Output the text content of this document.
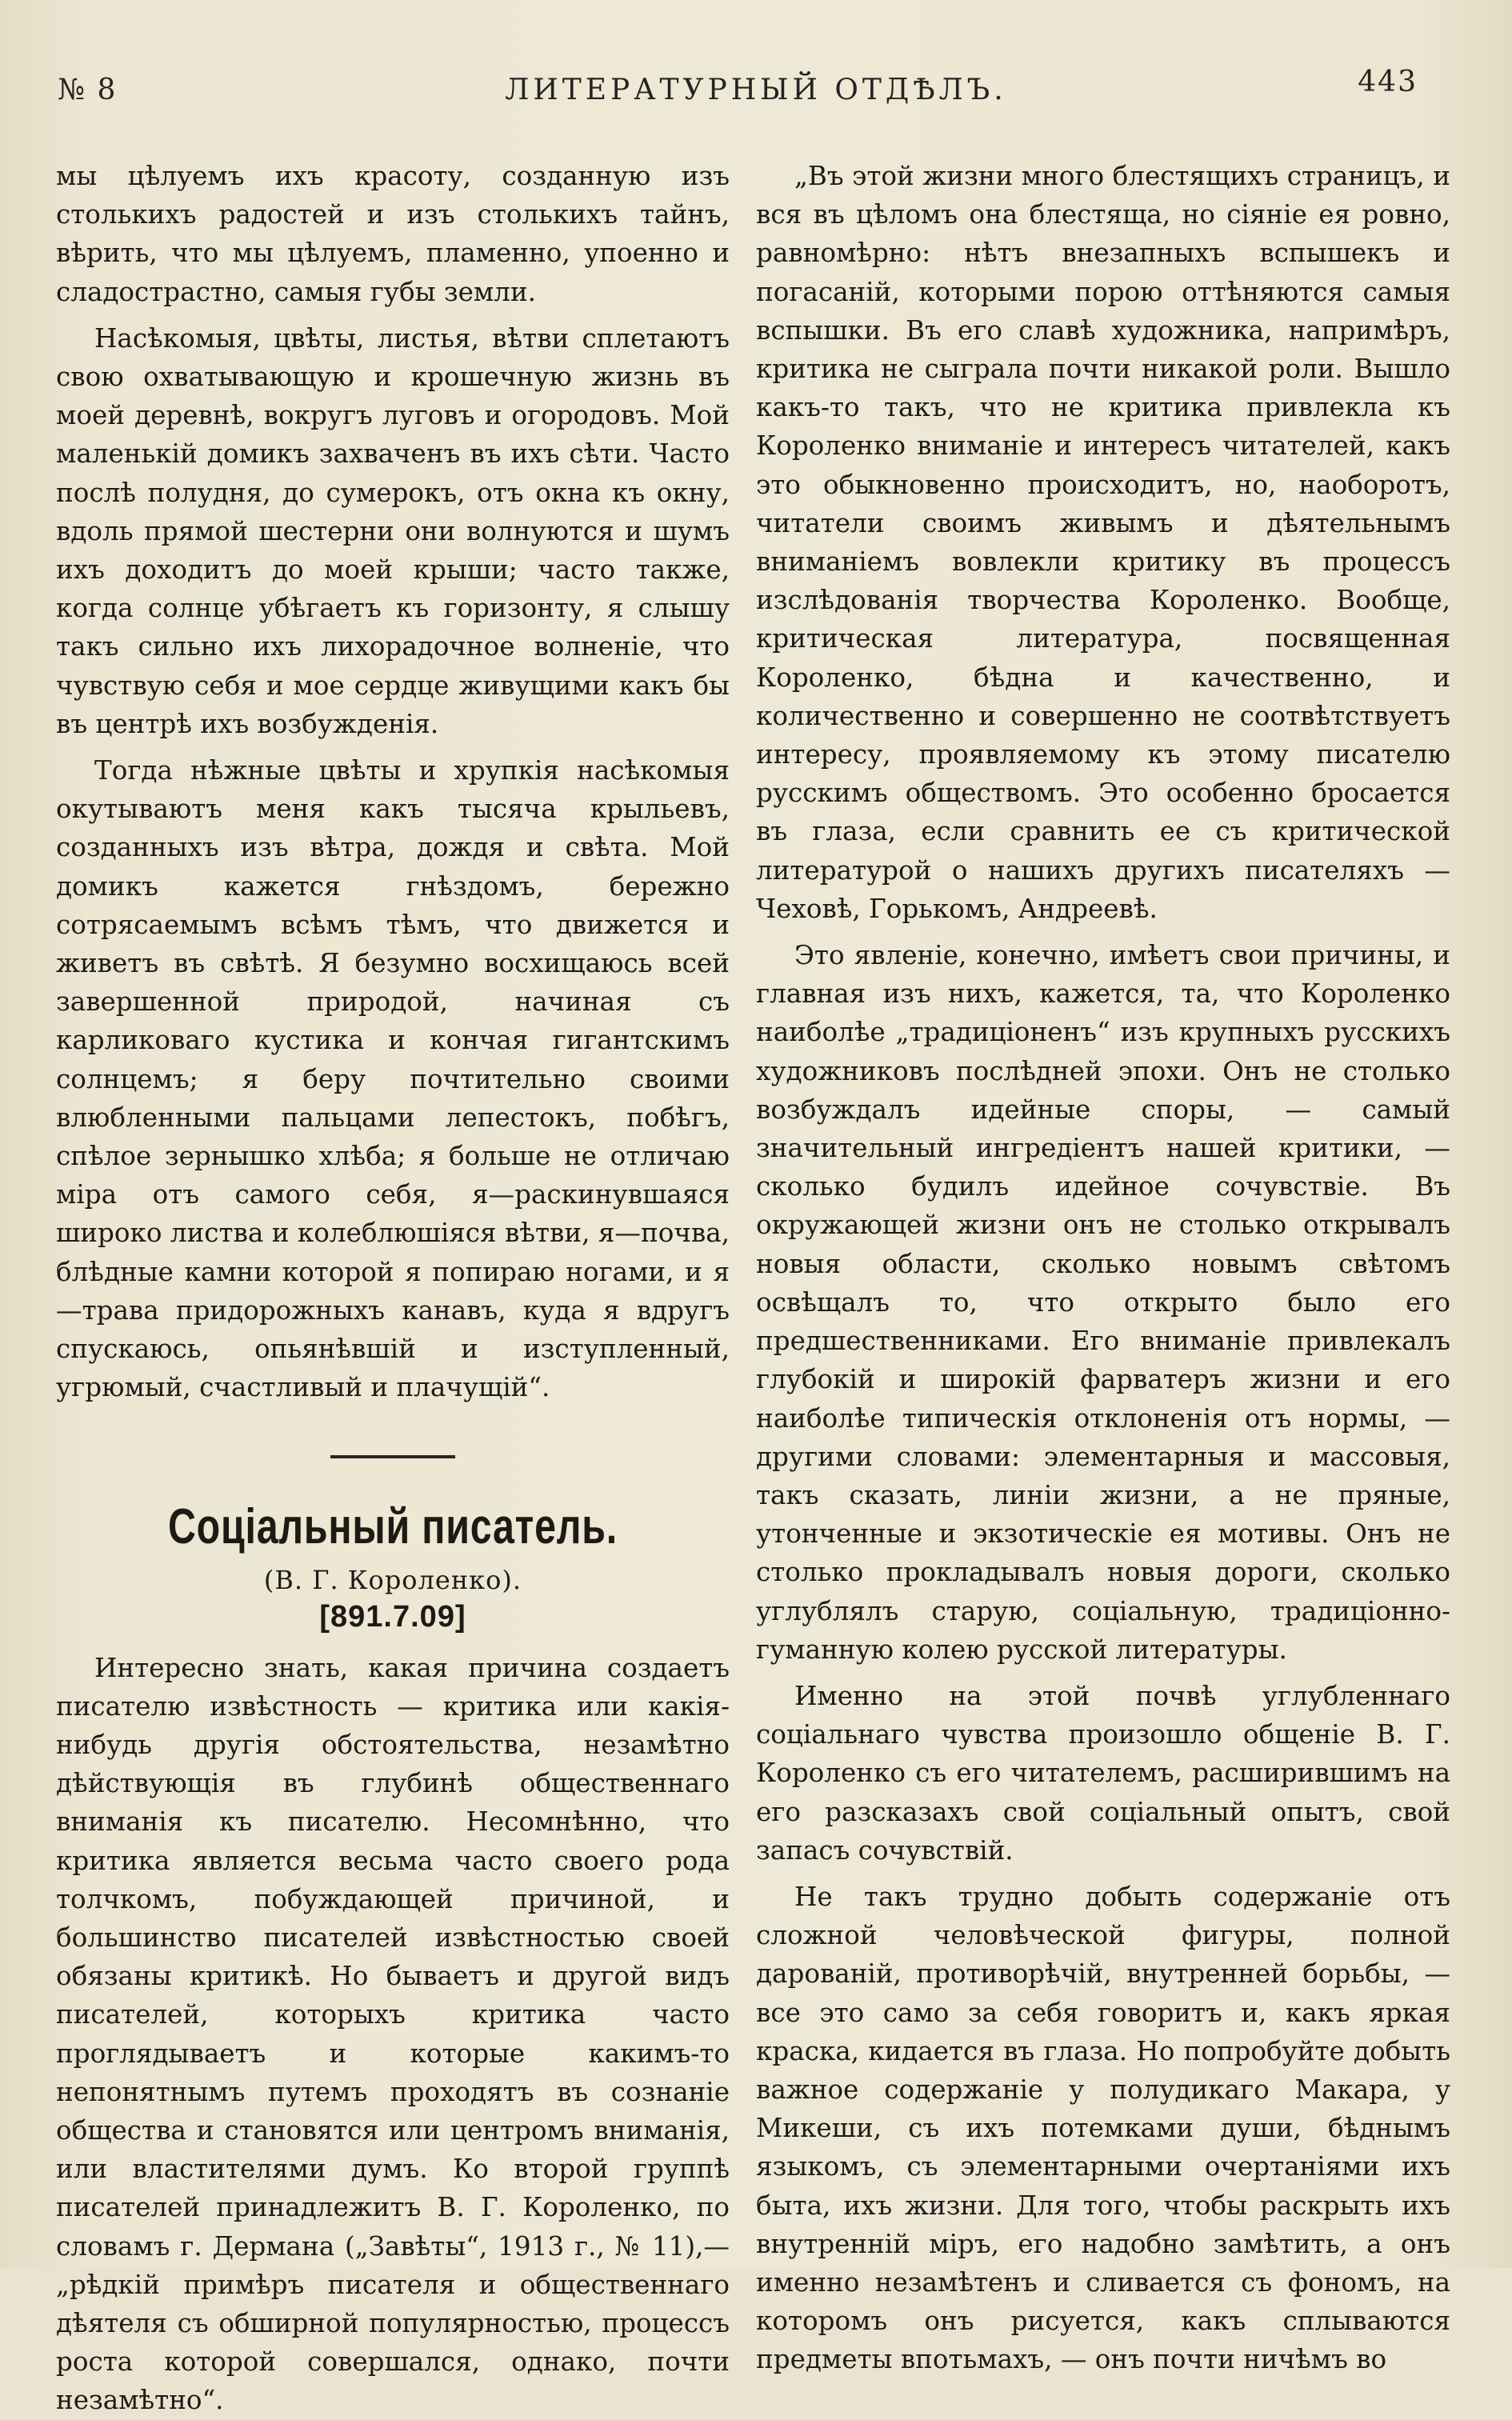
№ 8	ЛИТЕРАТУРНЫЙ ОТДѢЛЪ.	443

мы цѣлуемъ ихъ красоту, созданную изъ столькихъ радостей и изъ столькихъ тайнъ, вѣрить, что мы цѣлуемъ, пламенно, упоенно и сладострастно, самыя губы земли.

Насѣкомыя, цвѣты, листья, вѣтви сплетаютъ свою охватывающую и крошечную жизнь въ моей деревнѣ, вокругъ луговъ и огородовъ. Мой маленькій домикъ захваченъ въ ихъ сѣти. Часто послѣ полудня, до сумерокъ, отъ окна къ окну, вдоль прямой шестерни они волнуются и шумъ ихъ доходитъ до моей крыши; часто также, когда солнце убѣгаетъ къ горизонту, я слышу такъ сильно ихъ лихорадочное волненіе, что чувствую себя и мое сердце живущими какъ бы въ центрѣ ихъ возбужденія.

Тогда нѣжные цвѣты и хрупкія насѣкомыя окутываютъ меня какъ тысяча крыльевъ, созданныхъ изъ вѣтра, дождя и свѣта. Мой домикъ кажется гнѣздомъ, бережно сотрясаемымъ всѣмъ тѣмъ, что движется и живетъ въ свѣтѣ. Я безумно восхищаюсь всей завершенной природой, начиная съ карликоваго кустика и кончая гигантскимъ солнцемъ; я беру почтительно своими влюбленными пальцами лепестокъ, побѣгъ, спѣлое зернышко хлѣба; я больше не отличаю міра отъ самого себя, я—раскинувшаяся широко листва и колеблюшіяся вѣтви, я—почва, блѣдные камни которой я попираю ногами, и я—трава придорожныхъ канавъ, куда я вдругъ спускаюсь, опьянѣвшій и изступленный, угрюмый, счастливый и плачущій“.

Соціальный писатель.
(В. Г. Короленко).
[891.7.09]

Интересно знать, какая причина создаетъ писателю извѣстность — критика или какія-нибудь другія обстоятельства, незамѣтно дѣйствующія въ глубинѣ общественнаго вниманія къ писателю. Несомнѣнно, что критика является весьма часто своего рода толчкомъ, побуждающей причиной, и большинство писателей извѣстностью своей обязаны критикѣ. Но бываетъ и другой видъ писателей, которыхъ критика часто проглядываетъ и которые какимъ-то непонятнымъ путемъ проходятъ въ сознаніе общества и становятся или центромъ вниманія, или властителями думъ. Ко второй группѣ писателей принадлежитъ В. Г. Короленко, по словамъ г. Дермана („Завѣты“, 1913 г., № 11),—„рѣдкій примѣръ писателя и общественнаго дѣятеля съ обширной популярностью, процессъ роста которой совершался, однако, почти незамѣтно“.

„Въ этой жизни много блестящихъ страницъ, и вся въ цѣломъ она блестяща, но сіяніе ея ровно, равномѣрно: нѣтъ внезапныхъ вспышекъ и погасаній, которыми порою оттѣняются самыя вспышки. Въ его славѣ художника, напримѣръ, критика не сыграла почти никакой роли. Вышло какъ-то такъ, что не критика привлекла къ Короленко вниманіе и интересъ читателей, какъ это обыкновенно происходитъ, но, наоборотъ, читатели своимъ живымъ и дѣятельнымъ вниманіемъ вовлекли критику въ процессъ изслѣдованія творчества Короленко. Вообще, критическая литература, посвященная Короленко, бѣдна и качественно, и количественно и совершенно не соотвѣтствуетъ интересу, проявляемому къ этому писателю русскимъ обществомъ. Это особенно бросается въ глаза, если сравнить ее съ критической литературой о нашихъ другихъ писателяхъ — Чеховѣ, Горькомъ, Андреевѣ.

Это явленіе, конечно, имѣетъ свои причины, и главная изъ нихъ, кажется, та, что Короленко наиболѣе „традиціоненъ“ изъ крупныхъ русскихъ художниковъ послѣдней эпохи. Онъ не столько возбуждалъ идейные споры, — самый значительный ингредіентъ нашей критики, — сколько будилъ идейное сочувствіе. Въ окружающей жизни онъ не столько открывалъ новыя области, сколько новымъ свѣтомъ освѣщалъ то, что открыто было его предшественниками. Его вниманіе привлекалъ глубокій и широкій фарватеръ жизни и его наиболѣе типическія отклоненія отъ нормы, — другими словами: элементарныя и массовыя, такъ сказать, линіи жизни, а не пряные, утонченные и экзотическіе ея мотивы. Онъ не столько прокладывалъ новыя дороги, сколько углублялъ старую, соціальную, традиціонно-гуманную колею русской литературы.

Именно на этой почвѣ углубленнаго соціальнаго чувства произошло общеніе В. Г. Короленко съ его читателемъ, расширившимъ на его разсказахъ свой соціальный опытъ, свой запасъ сочувствій.

Не такъ трудно добыть содержаніе отъ сложной человѣческой фигуры, полной дарованій, противорѣчій, внутренней борьбы, — все это само за себя говоритъ и, какъ яркая краска, кидается въ глаза. Но попробуйте добыть важное содержаніе у полудикаго Макара, у Микеши, съ ихъ потемками души, бѣднымъ языкомъ, съ элементарными очертаніями ихъ быта, ихъ жизни. Для того, чтобы раскрыть ихъ внутренній міръ, его надобно замѣтить, а онъ именно незамѣтенъ и сливается съ фономъ, на которомъ онъ рисуется, какъ сплываются предметы впотьмахъ, — онъ почти ничѣмъ во
